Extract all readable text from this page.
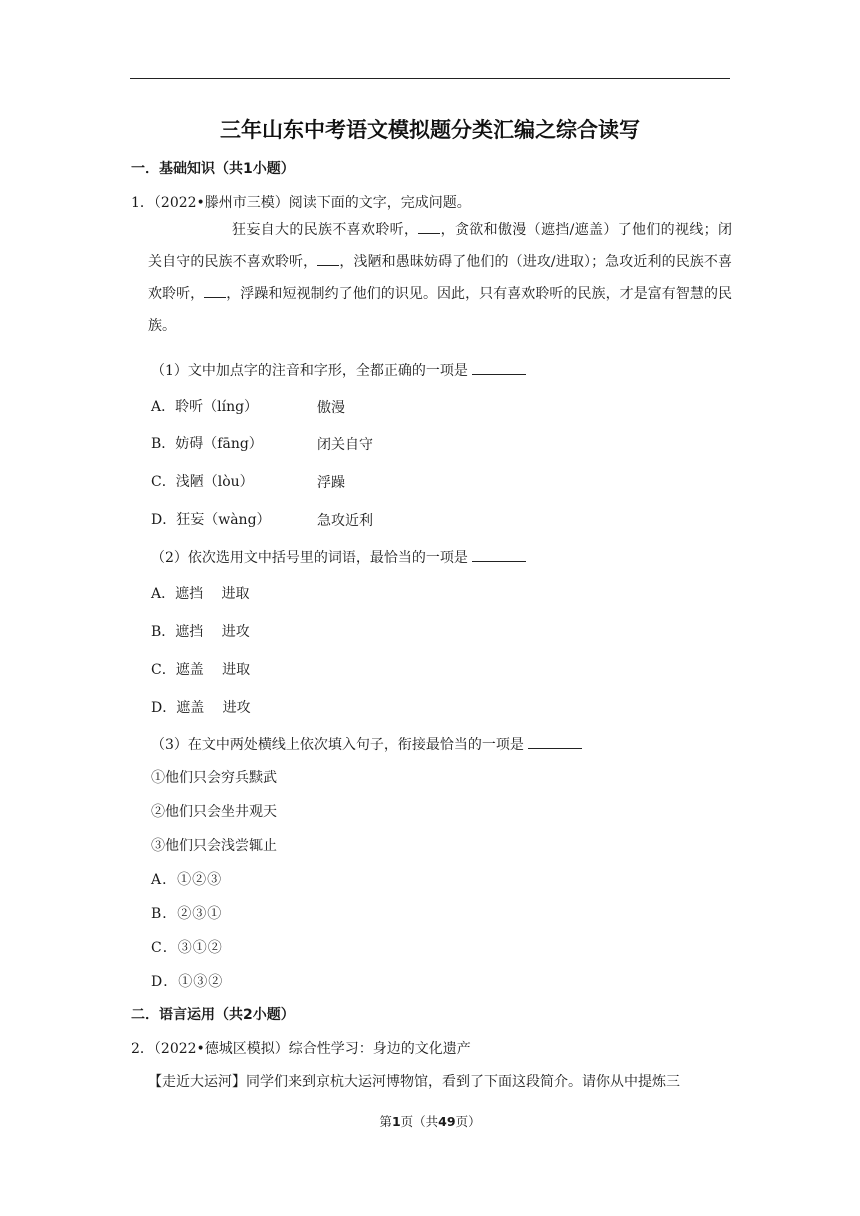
三年山东中考语文模拟题分类汇编之综合读写
一．基础知识（共1小题）
1．（2022•滕州市三模）阅读下面的文字，完成问题。
狂妄自大的民族不喜欢聆听， ，贪欲和傲漫（遮挡/遮盖）了他们的视线；闭关自守的民族不喜欢聆听， ，浅陋和愚昧妨碍了他们的（进攻/进取）；急攻近利的民族不喜欢聆听， ，浮躁和短视制约了他们的识见。因此，只有喜欢聆听的民族，才是富有智慧的民族。
（1）文中加点字的注音和字形，全都正确的一项是
A．聆听（líng）	傲漫
B．妨碍（fāng）	闭关自守
C．浅陋（lòu）	浮躁
D．狂妄（wàng）	急攻近利
（2）依次选用文中括号里的词语，最恰当的一项是
A．遮挡　 进取
B．遮挡　 进攻
C．遮盖　 进取
D．遮盖　 进攻
（3）在文中两处横线上依次填入句子，衔接最恰当的一项是
①他们只会穷兵黩武
②他们只会坐井观天
③他们只会浅尝辄止
A．①②③
B．②③①
C．③①②
D．①③②
二．语言运用（共2小题）
2．（2022•德城区模拟）综合性学习：身边的文化遗产
【走近大运河】同学们来到京杭大运河博物馆，看到了下面这段简介。请你从中提炼三
第1页（共49页）
